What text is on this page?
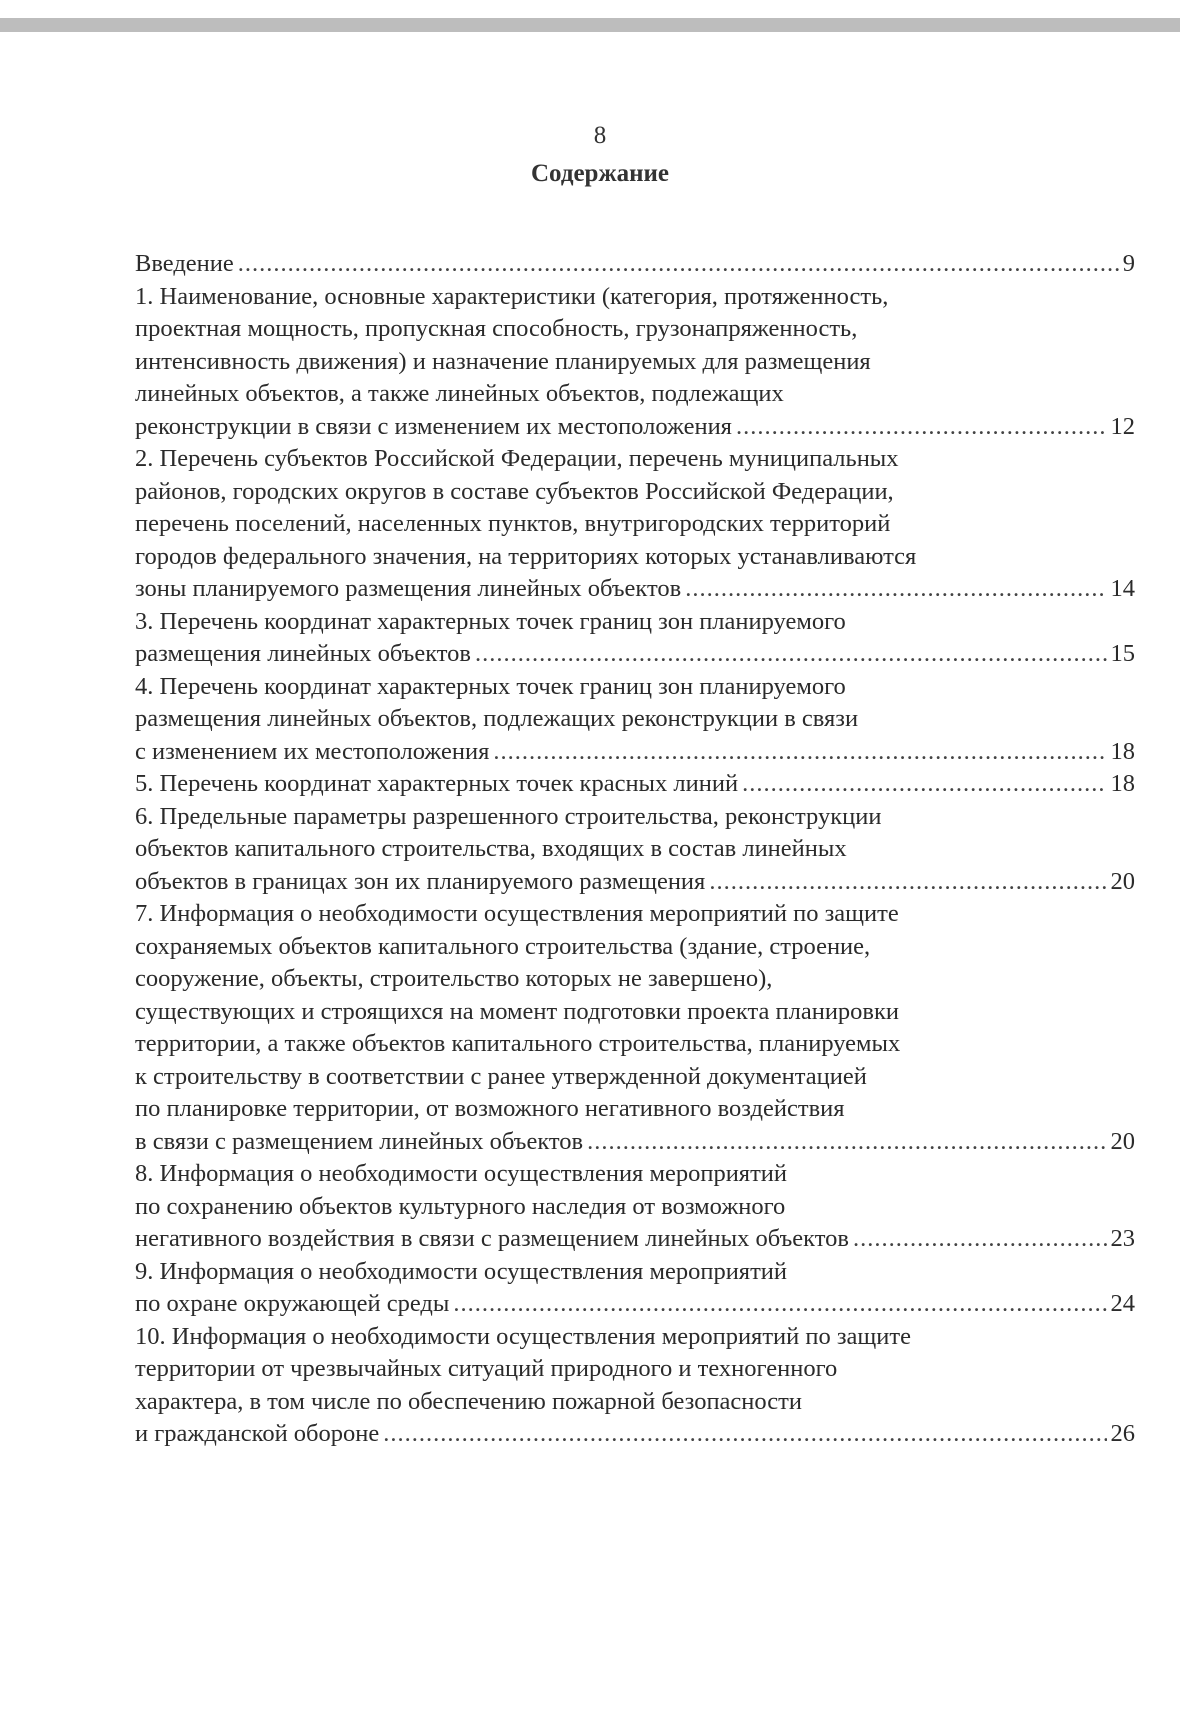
8
Содержание
Введение .....	9
1. Наименование, основные характеристики (категория, протяженность,
проектная мощность, пропускная способность, грузонапряженность,
интенсивность движения) и назначение планируемых для размещения
линейных объектов, а также линейных объектов, подлежащих
реконструкции в связи с изменением их местоположения .....	12
2. Перечень субъектов Российской Федерации, перечень муниципальных
районов, городских округов в составе субъектов Российской Федерации,
перечень поселений, населенных пунктов, внутригородских территорий
городов федерального значения, на территориях которых устанавливаются
зоны планируемого размещения линейных объектов .....	14
3. Перечень координат характерных точек границ зон планируемого
размещения линейных объектов .....	15
4. Перечень координат характерных точек границ зон планируемого
размещения линейных объектов, подлежащих реконструкции в связи
с изменением их местоположения .....	18
5. Перечень координат характерных точек красных линий .....	18
6. Предельные параметры разрешенного строительства, реконструкции
объектов капитального строительства, входящих в состав линейных
объектов в границах зон их планируемого размещения .....	20
7. Информация о необходимости осуществления мероприятий по защите
сохраняемых объектов капитального строительства (здание, строение,
сооружение, объекты, строительство которых не завершено),
существующих и строящихся на момент подготовки проекта планировки
территории, а также объектов капитального строительства, планируемых
к строительству в соответствии с ранее утвержденной документацией
по планировке территории, от возможного негативного воздействия
в связи с размещением линейных объектов .....	20
8. Информация о необходимости осуществления мероприятий
по сохранению объектов культурного наследия от возможного
негативного воздействия в связи с размещением линейных объектов .....	23
9. Информация о необходимости осуществления мероприятий
по охране окружающей среды .....	24
10. Информация о необходимости осуществления мероприятий по защите
территории от чрезвычайных ситуаций природного и техногенного
характера, в том числе по обеспечению пожарной безопасности
и гражданской обороне .....	26
